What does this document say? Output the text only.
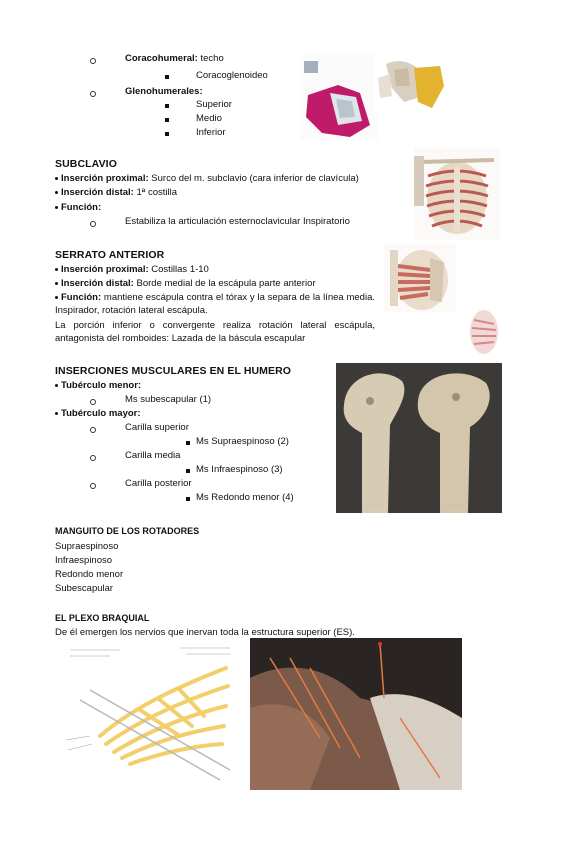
Coracohumeral: techo
Coracoglenoideo
Glenohumerales:
Superior
Medio
Inferior
SUBCLAVIO
Inserción proximal: Surco del m. subclavio (cara inferior de clavícula)
Inserción distal: 1ª costilla
Función:
Estabiliza la articulación esternoclavicular Inspiratorio
SERRATO ANTERIOR
Inserción proximal: Costillas 1-10
Inserción distal: Borde medial de la escápula parte anterior
Función: mantiene escápula contra el tórax y la separa de la línea media. Inspirador, rotación lateral escápula.
La porción inferior o convergente realiza rotación lateral escápula, antagonista del romboides: Lazada de la báscula escapular
INSERCIONES MUSCULARES EN EL HUMERO
Tubérculo menor:
Ms subescapular (1)
Tubérculo mayor:
Carilla superior
Ms Supraespinoso (2)
Carilla media
Ms Infraespinoso (3)
Carilla posterior
Ms Redondo menor (4)
Anterior	Posterior
MANGUITO DE LOS ROTADORES
Supraespinoso
Infraespinoso
Redondo menor
Subescapular
EL PLEXO BRAQUIAL
De él emergen los nervios que inervan toda la estructura superior (ES).
